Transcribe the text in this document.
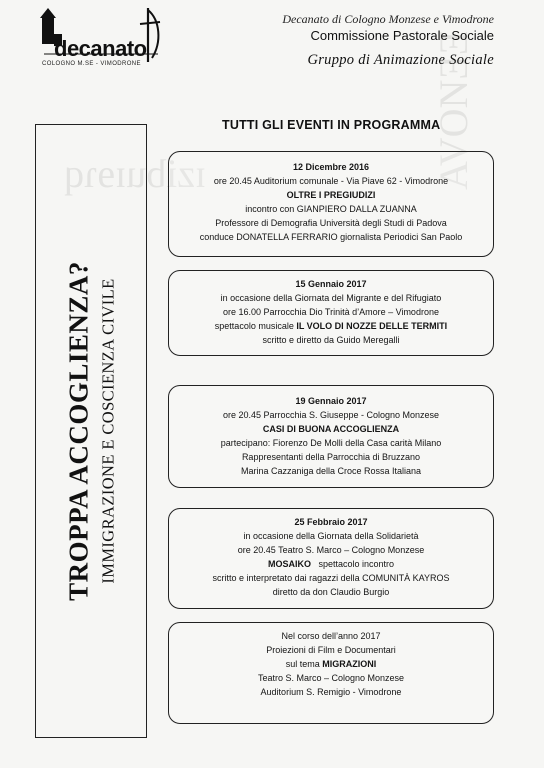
ɪzibuɪɘɿq	AVONƎƎ
decanato
COLOGNO M.SE - VIMODRONE
Decanato di Cologno Monzese e Vimodrone
Commissione Pastorale Sociale
Gruppo di Animazione Sociale
TROPPA ACCOGLIENZA? IMMIGRAZIONE E COSCIENZA CIVILE
TUTTI GLI EVENTI IN PROGRAMMA
12 Dicembre 2016
ore 20.45 Auditorium comunale - Via Piave 62 - Vimodrone
OLTRE I PREGIUDIZI
incontro con GIANPIERO DALLA ZUANNA
Professore di Demografia Università degli Studi di Padova
conduce DONATELLA FERRARIO giornalista Periodici San Paolo
15 Gennaio 2017
in occasione della Giornata del Migrante e del Rifugiato
ore 16.00 Parrocchia Dio Trinità d’Amore – Vimodrone
spettacolo musicale IL VOLO DI NOZZE DELLE TERMITI
scritto e diretto da Guido Meregalli
19 Gennaio 2017
ore 20.45 Parrocchia S. Giuseppe - Cologno Monzese
CASI DI BUONA ACCOGLIENZA
partecipano: Fiorenzo De Molli della Casa carità Milano
Rappresentanti della Parrocchia di Bruzzano
Marina Cazzaniga della Croce Rossa Italiana
25 Febbraio 2017
in occasione della Giornata della Solidarietà
ore 20.45 Teatro S. Marco – Cologno Monzese
MOSAIKO spettacolo incontro
scritto e interpretato dai ragazzi della COMUNITÀ KAYROS
diretto da don Claudio Burgio
Nel corso dell’anno 2017
Proiezioni di Film e Documentari
sul tema MIGRAZIONI
Teatro S. Marco – Cologno Monzese
Auditorium S. Remigio - Vimodrone
